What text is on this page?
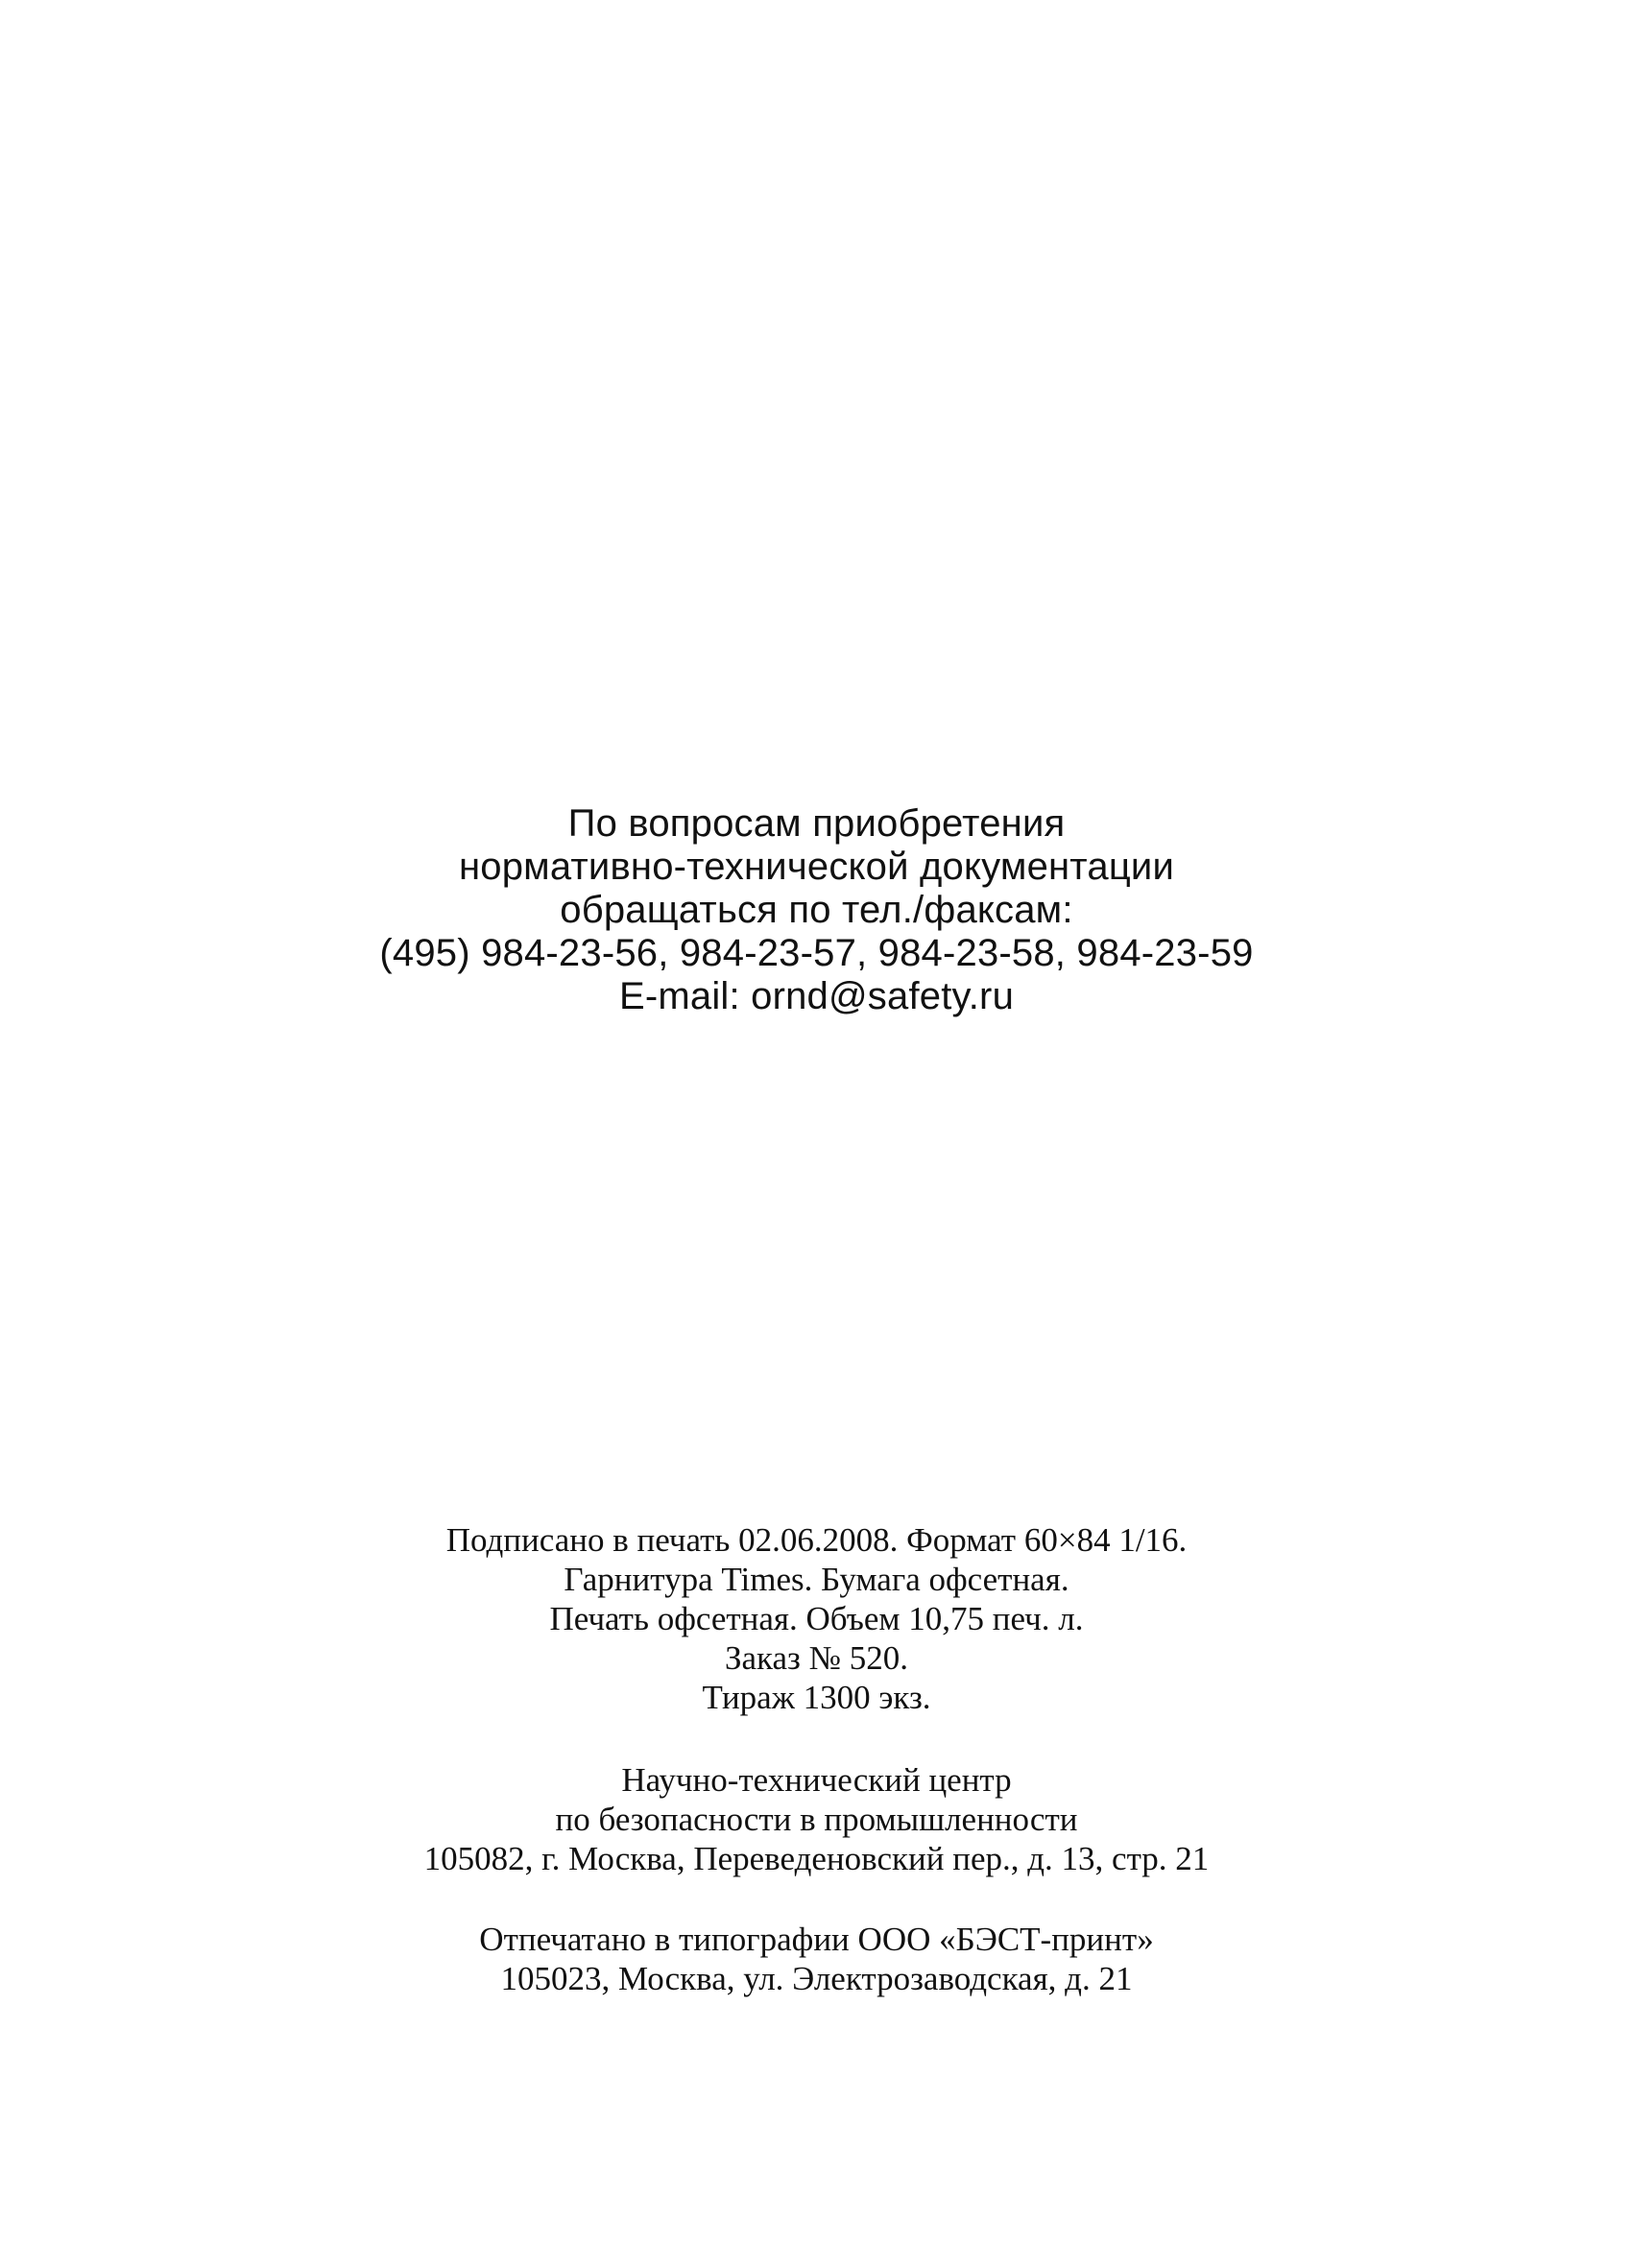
По вопросам приобретения
нормативно-технической документации
обращаться по тел./факсам:
(495) 984-23-56, 984-23-57, 984-23-58, 984-23-59
E-mail: ornd@safety.ru
Подписано в печать 02.06.2008. Формат 60×84 1/16.
Гарнитура Times. Бумага офсетная.
Печать офсетная. Объем 10,75 печ. л.
Заказ № 520.
Тираж 1300 экз.
Научно-технический центр
по безопасности в промышленности
105082, г. Москва, Переведеновский пер., д. 13, стр. 21
Отпечатано в типографии ООО «БЭСТ-принт»
105023, Москва, ул. Электрозаводская, д. 21
